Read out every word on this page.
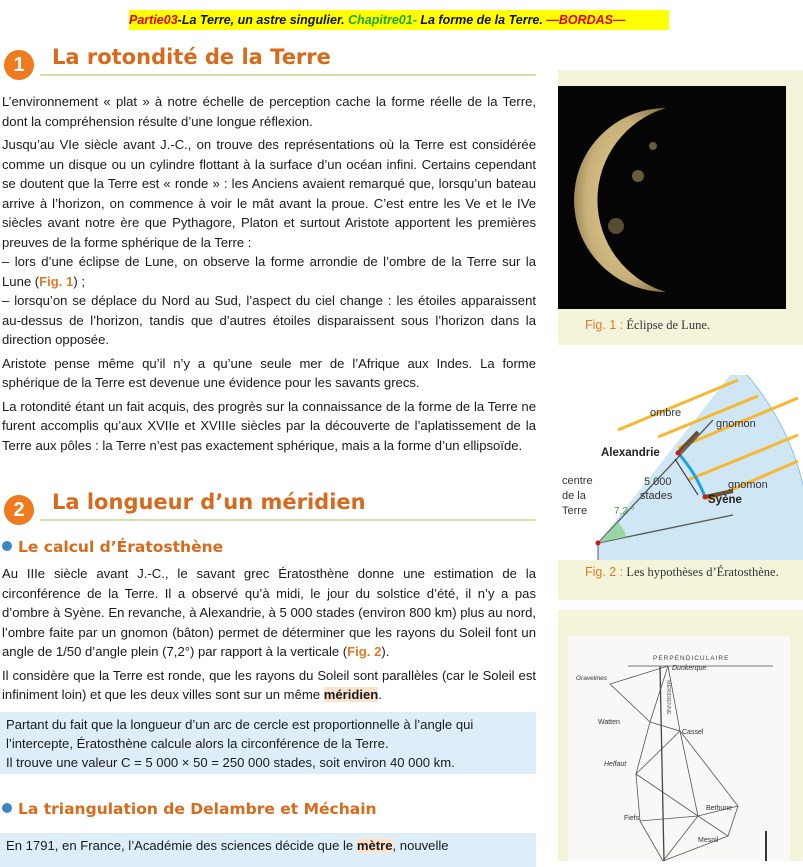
Partie03-La Terre, un astre singulier. Chapitre01- La forme de la Terre. —BORDAS—
1	La rotondité de la Terre

L’environnement « plat » à notre échelle de perception cache la forme réelle de la Terre, dont la compréhension résulte d’une longue réflexion.

Jusqu’au VIe siècle avant J.-C., on trouve des représentations où la Terre est considérée comme un disque ou un cylindre flottant à la surface d’un océan infini. Certains cependant se doutent que la Terre est « ronde » : les Anciens avaient remarqué que, lorsqu’un bateau arrive à l’horizon, on commence à voir le mât avant la proue. C’est entre les Ve et le IVe siècles avant notre ère que Pythagore, Platon et surtout Aristote apportent les premières preuves de la forme sphérique de la Terre :

– lors d’une éclipse de Lune, on observe la forme arrondie de l’ombre de la Terre sur la Lune (Fig. 1) ;

– lorsqu’on se déplace du Nord au Sud, l’aspect du ciel change : les étoiles apparaissent au-dessus de l’horizon, tandis que d’autres étoiles disparaissent sous l’horizon dans la direction opposée.

Aristote pense même qu’il n’y a qu’une seule mer de l’Afrique aux Indes. La forme sphérique de la Terre est devenue une évidence pour les savants grecs.

La rotondité étant un fait acquis, des progrès sur la connaissance de la forme de la Terre ne furent accomplis qu’aux XVIIe et XVIIIe siècles par la découverte de l’aplatissement de la Terre aux pôles : la Terre n’est pas exactement sphérique, mais a la forme d’un ellipsoïde.

2	La longueur d’un méridien
Le calcul d’Ératosthène

Au IIIe siècle avant J.-C., le savant grec Ératosthène donne une estimation de la circonférence de la Terre. Il a observé qu’à midi, le jour du solstice d’été, il n’y a pas d’ombre à Syène. En revanche, à Alexandrie, à 5 000 stades (environ 800 km) plus au nord, l’ombre faite par un gnomon (bâton) permet de déterminer que les rayons du Soleil font un angle de 1/50 d’angle plein (7,2°) par rapport à la verticale (Fig. 2).

Il considère que la Terre est ronde, que les rayons du Soleil sont parallèles (car le Soleil est infiniment loin) et que les deux villes sont sur un même méridien.

Partant du fait que la longueur d’un arc de cercle est proportionnelle à l’angle qui l’intercepte, Ératosthène calcule alors la circonférence de la Terre.
Il trouve une valeur C = 5 000 × 50 = 250 000 stades, soit environ 40 000 km.
La triangulation de Delambre et Méchain
En 1791, en France, l’Académie des sciences décide que le mètre, nouvelle
Fig. 1 : Éclipse de Lune.
ombre
gnomon
Alexandrie
centre
de la
Terre
5 000
stades
gnomon
Syène
7,2 °
Fig. 2 : Les hypothèses d’Ératosthène.
PERPENDICULAIRE
Dunkerque
Gravelines
Watten
Cassel
Helfaut
Bethune
Fiefs
Mesnil
MERIDIENNE
